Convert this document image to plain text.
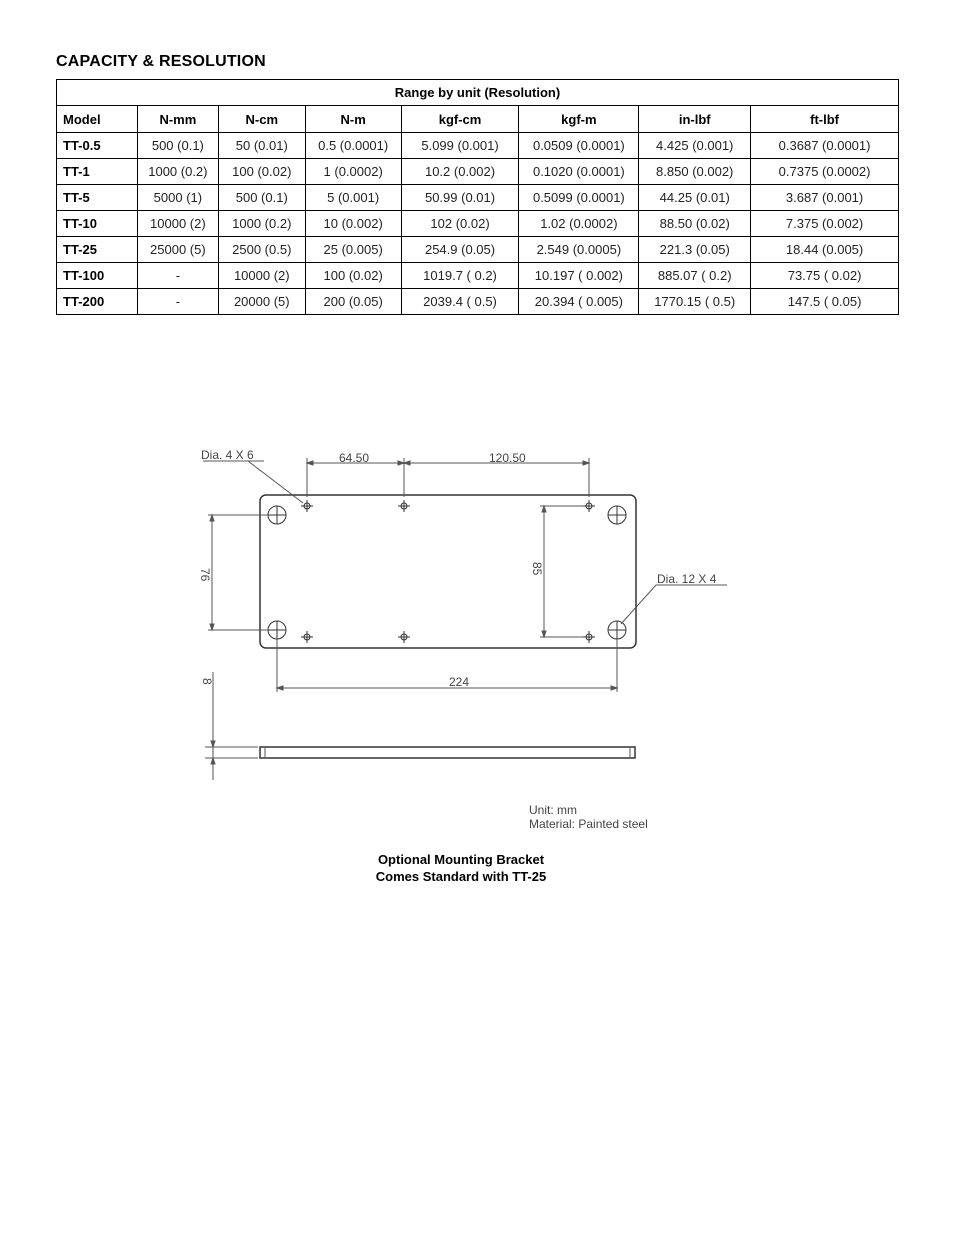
CAPACITY & RESOLUTION
Range by unit (Resolution)							
Model	N-mm	N-cm	N-m	kgf-cm	kgf-m	in-lbf	ft-lbf
TT-0.5	500 (0.1)	50 (0.01)	0.5 (0.0001)	5.099 (0.001)	0.0509 (0.0001)	4.425 (0.001)	0.3687 (0.0001)
TT-1	1000 (0.2)	100 (0.02)	1 (0.0002)	10.2 (0.002)	0.1020 (0.0001)	8.850 (0.002)	0.7375 (0.0002)
TT-5	5000 (1)	500 (0.1)	5 (0.001)	50.99 (0.01)	0.5099 (0.0001)	44.25 (0.01)	3.687 (0.001)
TT-10	10000 (2)	1000 (0.2)	10 (0.002)	102 (0.02)	1.02 (0.0002)	88.50 (0.02)	7.375 (0.002)
TT-25	25000 (5)	2500 (0.5)	25 (0.005)	254.9 (0.05)	2.549 (0.0005)	221.3 (0.05)	18.44 (0.005)
TT-100	-	10000 (2)	100 (0.02)	1019.7 ( 0.2)	10.197 ( 0.002)	885.07 ( 0.2)	73.75 ( 0.02)
TT-200	-	20000 (5)	200 (0.05)	2039.4 ( 0.5)	20.394 ( 0.005)	1770.15 ( 0.5)	147.5 ( 0.05)
Dia. 4 X 6
Dia. 12 X 4
64.50	120.50
224
76	85
8
Unit: mm
Material: Painted steel
Optional Mounting Bracket
Comes Standard with TT-25
